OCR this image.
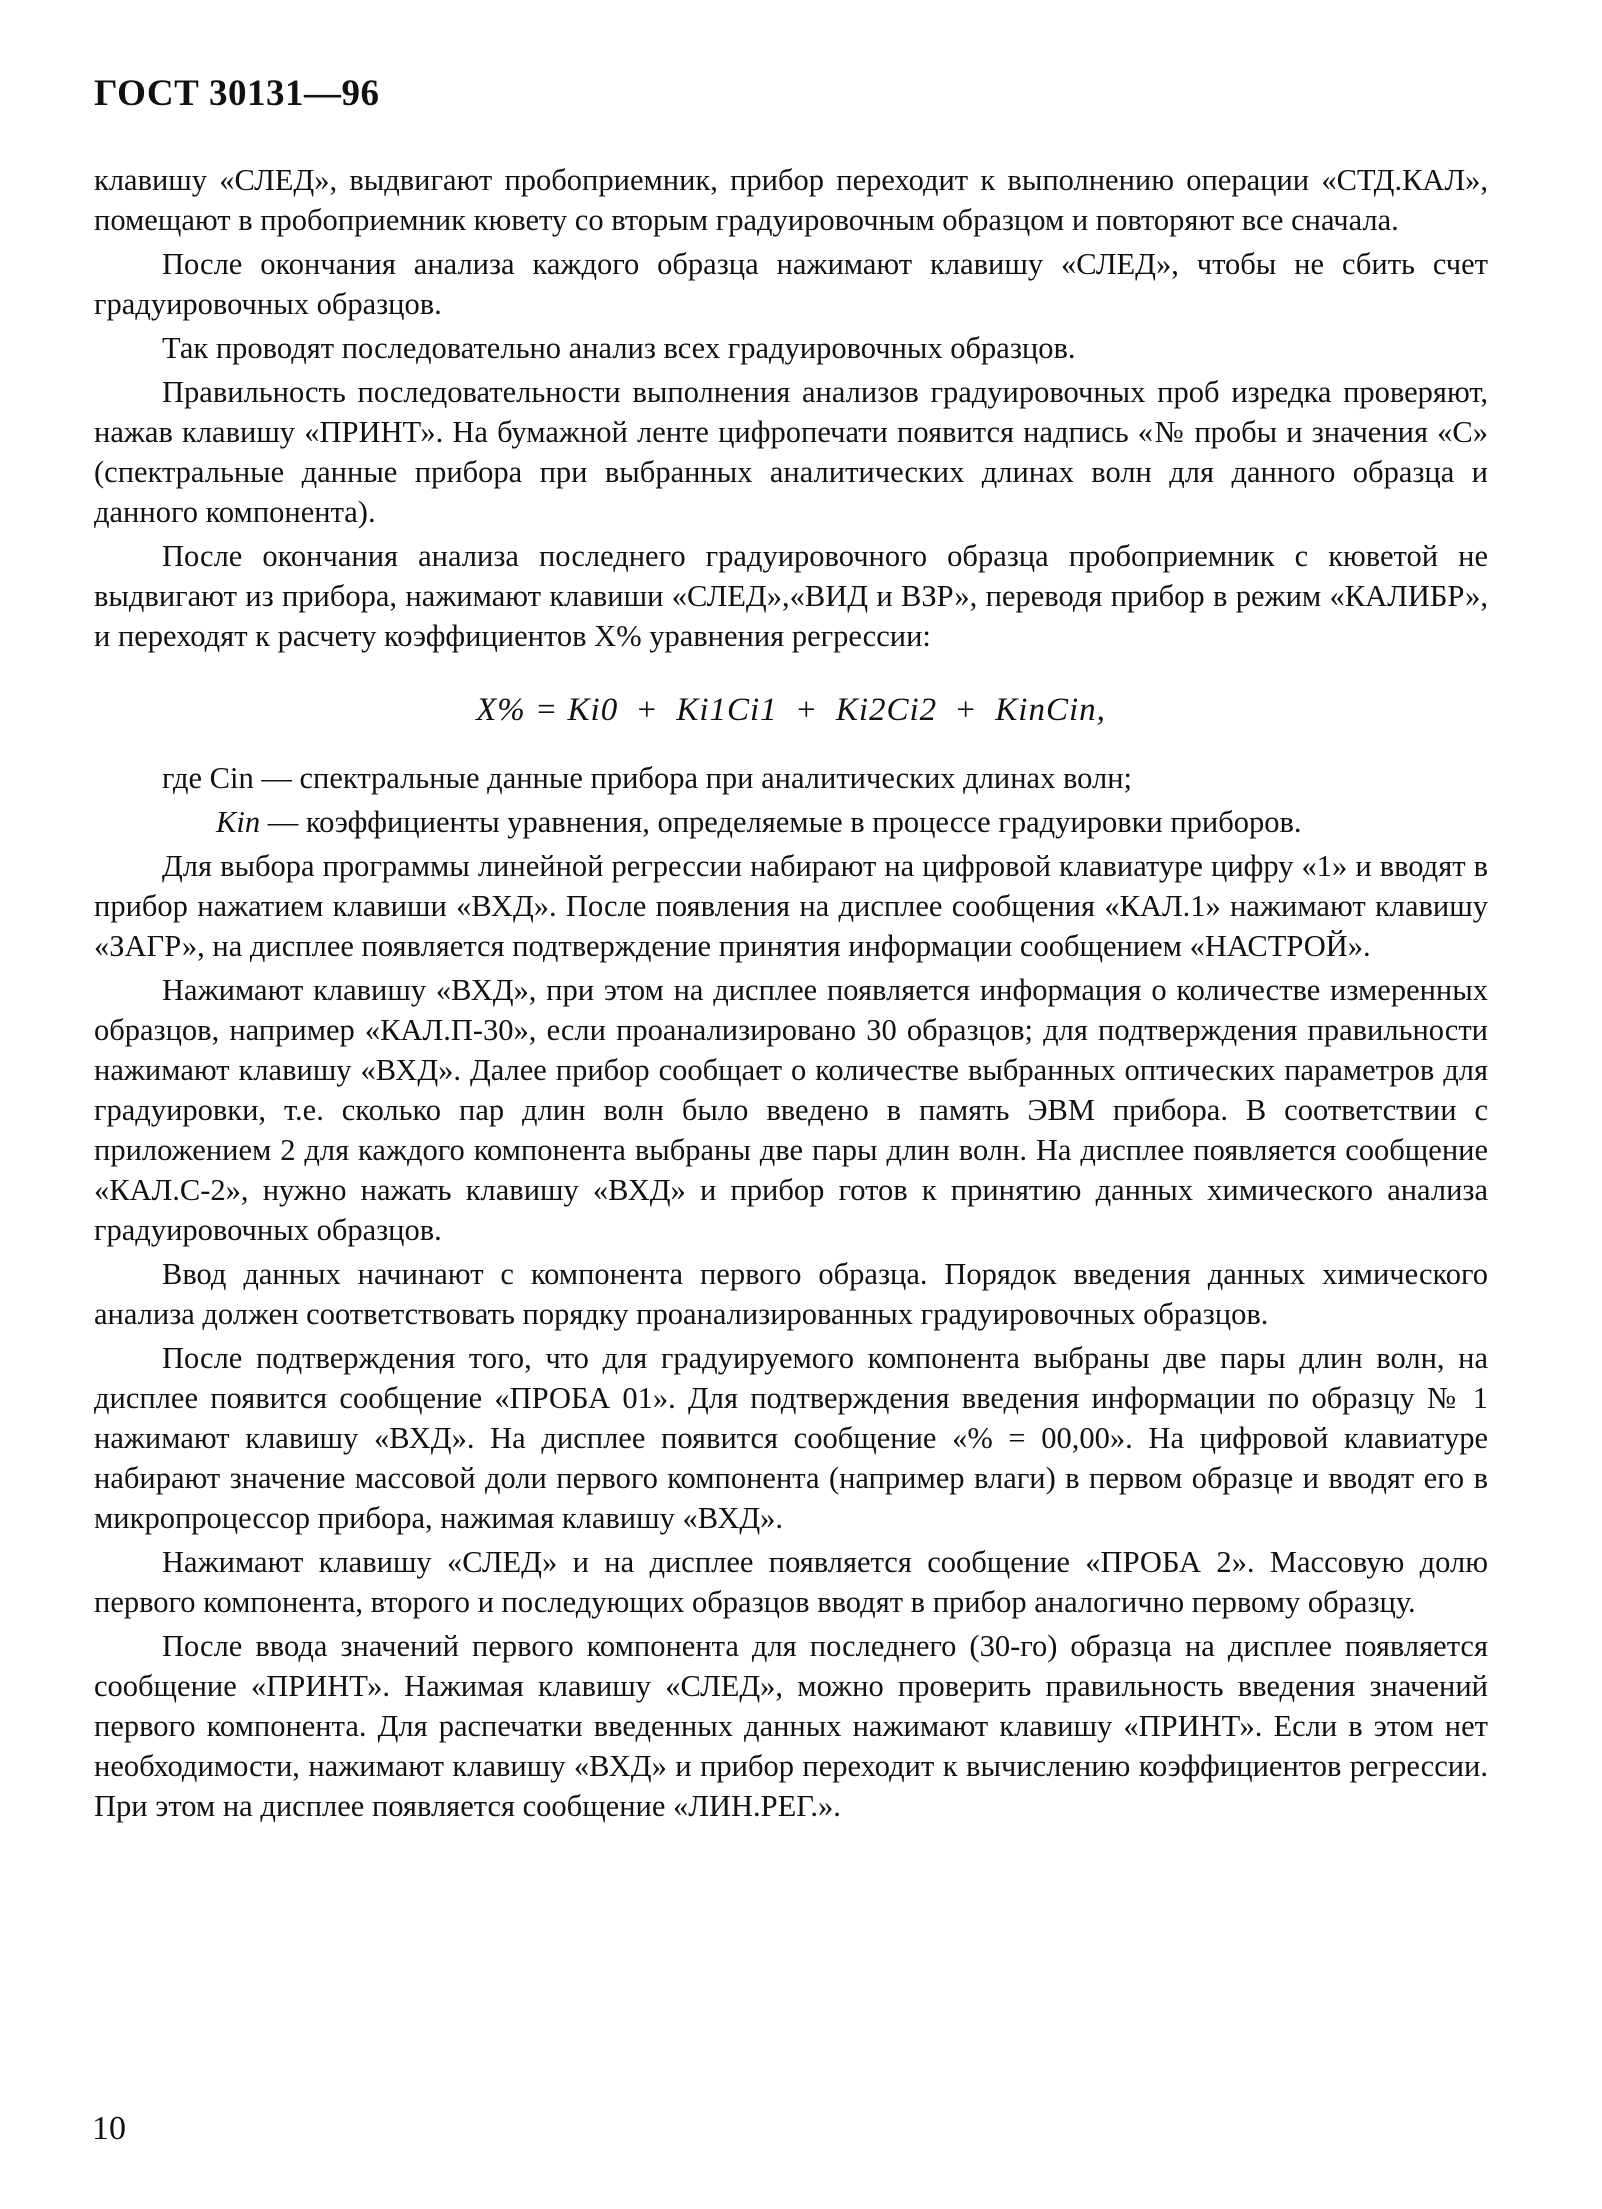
ГОСТ 30131—96

клавишу «СЛЕД», выдвигают пробоприемник, прибор переходит к выполнению операции «СТД.КАЛ», помещают в пробоприемник кювету со вторым градуировочным образцом и повторяют все сначала.

После окончания анализа каждого образца нажимают клавишу «СЛЕД», чтобы не сбить счет градуировочных образцов.

Так проводят последовательно анализ всех градуировочных образцов.

Правильность последовательности выполнения анализов градуировочных проб изредка проверяют, нажав клавишу «ПРИНТ». На бумажной ленте цифропечати появится надпись «№ пробы и значения «С» (спектральные данные прибора при выбранных аналитических длинах волн для данного образца и данного компонента).

После окончания анализа последнего градуировочного образца пробоприемник с кюветой не выдвигают из прибора, нажимают клавиши «СЛЕД»,«ВИД и ВЗР», переводя прибор в режим «КАЛИБР», и переходят к расчету коэффициентов X% уравнения регрессии:

X% = Ki0 + Ki1Ci1 + Ki2Ci2 + KinCin,

где Cin — спектральные данные прибора при аналитических длинах волн;

Kin — коэффициенты уравнения, определяемые в процессе градуировки приборов.

Для выбора программы линейной регрессии набирают на цифровой клавиатуре цифру «1» и вводят в прибор нажатием клавиши «ВХД». После появления на дисплее сообщения «КАЛ.1» нажимают клавишу «ЗАГР», на дисплее появляется подтверждение принятия информации сообщением «НАСТРОЙ».

Нажимают клавишу «ВХД», при этом на дисплее появляется информация о количестве измеренных образцов, например «КАЛ.П-30», если проанализировано 30 образцов; для подтверждения правильности нажимают клавишу «ВХД». Далее прибор сообщает о количестве выбранных оптических параметров для градуировки, т.е. сколько пар длин волн было введено в память ЭВМ прибора. В соответствии с приложением 2 для каждого компонента выбраны две пары длин волн. На дисплее появляется сообщение «КАЛ.С-2», нужно нажать клавишу «ВХД» и прибор готов к принятию данных химического анализа градуировочных образцов.

Ввод данных начинают с компонента первого образца. Порядок введения данных химического анализа должен соответствовать порядку проанализированных градуировочных образцов.

После подтверждения того, что для градуируемого компонента выбраны две пары длин волн, на дисплее появится сообщение «ПРОБА 01». Для подтверждения введения информации по образцу № 1 нажимают клавишу «ВХД». На дисплее появится сообщение «% = 00,00». На цифровой клавиатуре набирают значение массовой доли первого компонента (например влаги) в первом образце и вводят его в микропроцессор прибора, нажимая клавишу «ВХД».

Нажимают клавишу «СЛЕД» и на дисплее появляется сообщение «ПРОБА 2». Массовую долю первого компонента, второго и последующих образцов вводят в прибор аналогично первому образцу.

После ввода значений первого компонента для последнего (30-го) образца на дисплее появляется сообщение «ПРИНТ». Нажимая клавишу «СЛЕД», можно проверить правильность введения значений первого компонента. Для распечатки введенных данных нажимают клавишу «ПРИНТ». Если в этом нет необходимости, нажимают клавишу «ВХД» и прибор переходит к вычислению коэффициентов регрессии. При этом на дисплее появляется сообщение «ЛИН.РЕГ.».

10
